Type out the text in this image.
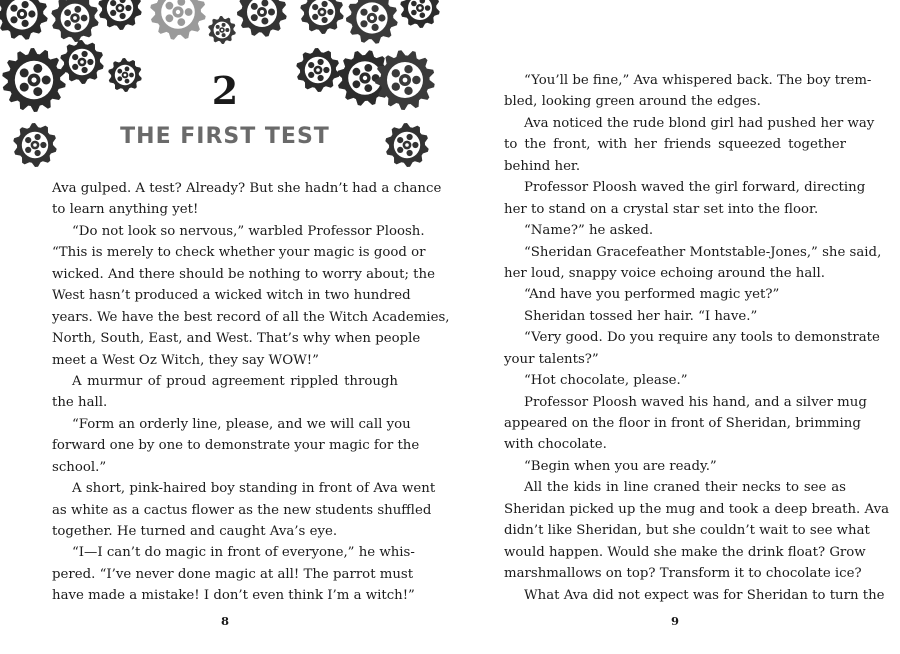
2
THE FIRST TEST
Ava gulped. A test? Already? But she hadn’t had a chance
to learn anything yet!
“Do not look so nervous,” warbled Professor Ploosh.
“This is merely to check whether your magic is good or
wicked. And there should be nothing to worry about; the
West hasn’t produced a wicked witch in two hundred
years. We have the best record of all the Witch Academies,
North, South, East, and West. That’s why when people
meet a West Oz Witch, they say WOW!”
A murmur of proud agreement rippled through
the hall.
“Form an orderly line, please, and we will call you
forward one by one to demonstrate your magic for the
school.”
A short, pink-haired boy standing in front of Ava went
as white as a cactus flower as the new students shuffled
together. He turned and caught Ava’s eye.
“I—I can’t do magic in front of everyone,” he whis-
pered. “I’ve never done magic at all! The parrot must
have made a mistake! I don’t even think I’m a witch!”
8
“You’ll be fine,” Ava whispered back. The boy trem-
bled, looking green around the edges.
Ava noticed the rude blond girl had pushed her way
to the front, with her friends squeezed together
behind her.
Professor Ploosh waved the girl forward, directing
her to stand on a crystal star set into the floor.
“Name?” he asked.
“Sheridan Gracefeather Montstable-Jones,” she said,
her loud, snappy voice echoing around the hall.
“And have you performed magic yet?”
Sheridan tossed her hair. “I have.”
“Very good. Do you require any tools to demonstrate
your talents?”
“Hot chocolate, please.”
Professor Ploosh waved his hand, and a silver mug
appeared on the floor in front of Sheridan, brimming
with chocolate.
“Begin when you are ready.”
All the kids in line craned their necks to see as
Sheridan picked up the mug and took a deep breath. Ava
didn’t like Sheridan, but she couldn’t wait to see what
would happen. Would she make the drink float? Grow
marshmallows on top? Transform it to chocolate ice?
What Ava did not expect was for Sheridan to turn the
9
